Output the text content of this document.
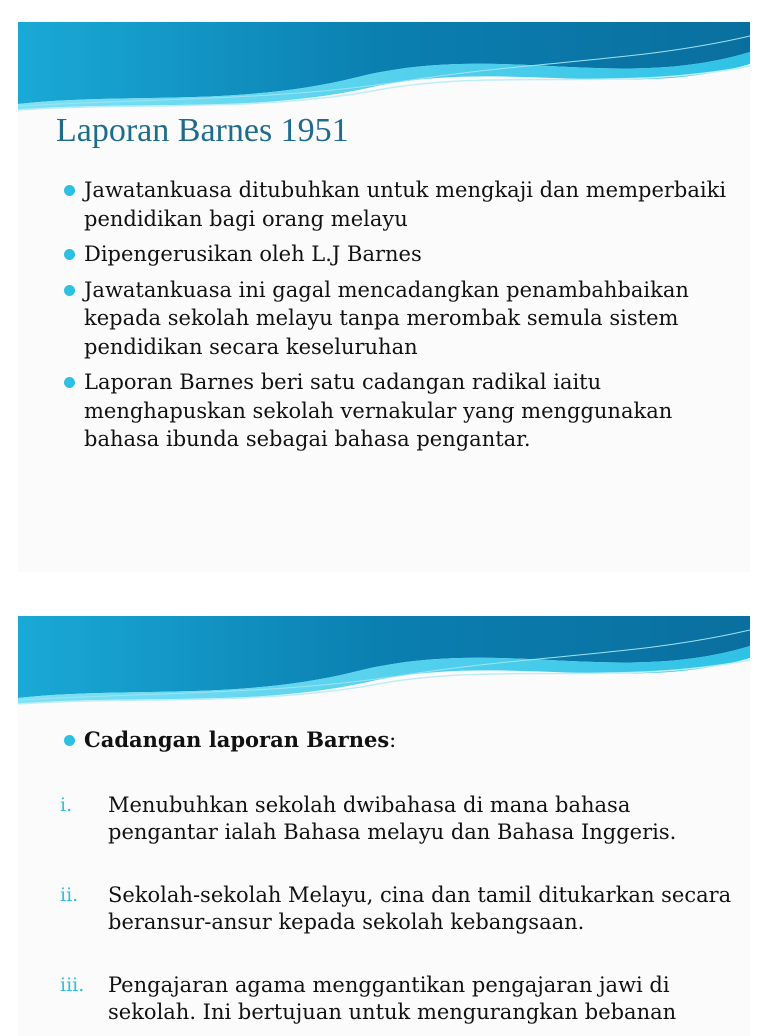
Laporan Barnes 1951
Jawatankuasa ditubuhkan untuk mengkaji dan memperbaiki pendidikan bagi orang melayu
Dipengerusikan oleh L.J Barnes
Jawatankuasa ini gagal mencadangkan penambahbaikan kepada sekolah melayu tanpa merombak semula sistem pendidikan secara keseluruhan
Laporan Barnes beri satu cadangan radikal iaitu menghapuskan sekolah vernakular yang menggunakan bahasa ibunda sebagai bahasa pengantar.
Cadangan laporan Barnes:
i. Menubuhkan sekolah dwibahasa di mana bahasa pengantar ialah Bahasa melayu dan Bahasa Inggeris.
ii. Sekolah-sekolah Melayu, cina dan tamil ditukarkan secara beransur-ansur kepada sekolah kebangsaan.
iii. Pengajaran agama menggantikan pengajaran jawi di sekolah. Ini bertujuan untuk mengurangkan bebanan
